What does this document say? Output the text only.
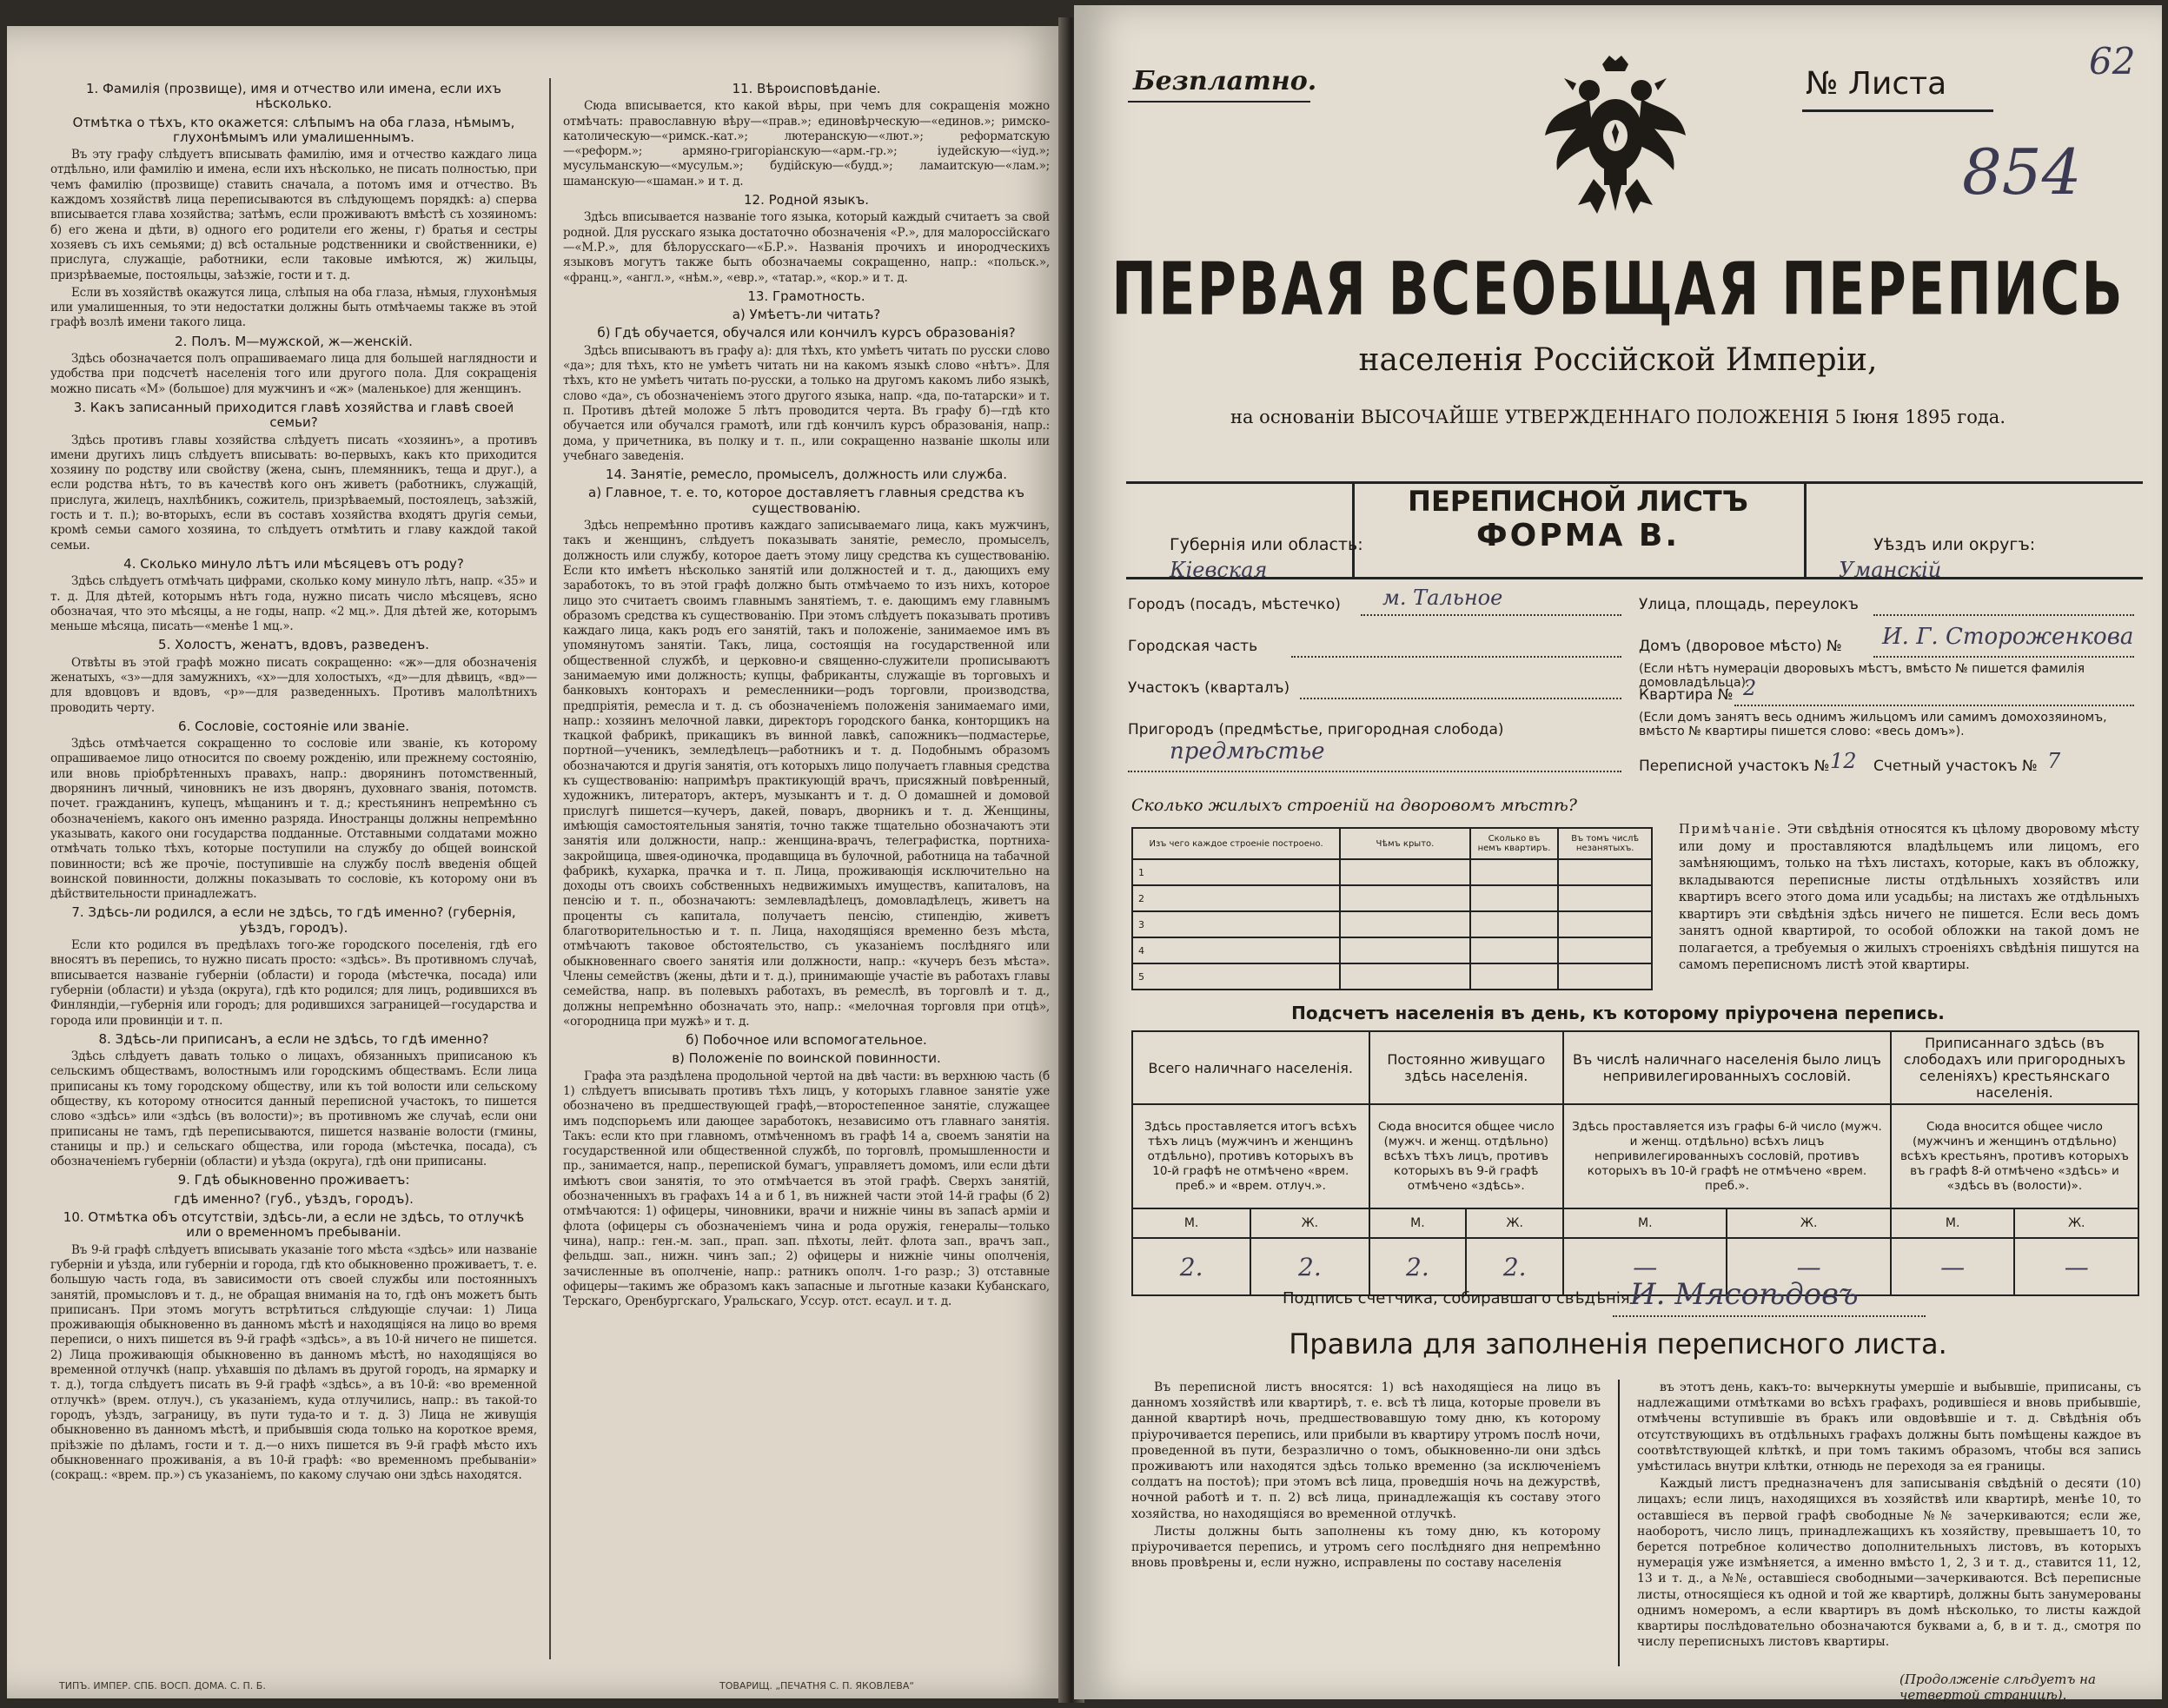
1. Фамилія (прозвище), имя и отчество или имена, если ихъ нѣсколько.
Отмѣтка о тѣхъ, кто окажется: слѣпымъ на оба глаза, нѣмымъ, глухонѣмымъ или умалишеннымъ.

Въ эту графу слѣдуетъ вписывать фамилію, имя и отчество каждаго лица отдѣльно, или фамилію и имена, если ихъ нѣсколько, не писать полностью, при чемъ фамилію (прозвище) ставить сначала, а потомъ имя и отчество. Въ каждомъ хозяйствѣ лица переписываются въ слѣдующемъ порядкѣ: а) сперва вписывается глава хозяйства; затѣмъ, если проживаютъ вмѣстѣ съ хозяиномъ: б) его жена и дѣти, в) одного его родители его жены, г) братья и сестры хозяевъ съ ихъ семьями; д) всѣ остальные родственники и свойственники, е) прислуга, служащіе, работники, если таковые имѣются, ж) жильцы, призрѣваемые, постояльцы, заѣзжіе, гости и т. д.

Если въ хозяйствѣ окажутся лица, слѣпыя на оба глаза, нѣмыя, глухонѣмыя или умалишенныя, то эти недостатки должны быть отмѣчаемы также въ этой графѣ возлѣ имени такого лица.

2. Полъ. М—мужской, ж—женскій.

Здѣсь обозначается полъ опрашиваемаго лица для большей наглядности и удобства при подсчетѣ населенія того или другого пола. Для сокращенія можно писать «М» (большое) для мужчинъ и «ж» (маленькое) для женщинъ.

3. Какъ записанный приходится главѣ хозяйства и главѣ своей семьи?

Здѣсь противъ главы хозяйства слѣдуетъ писать «хозяинъ», а противъ имени другихъ лицъ слѣдуетъ вписывать: во-первыхъ, какъ кто приходится хозяину по родству или свойству (жена, сынъ, племянникъ, теща и друг.), а если родства нѣтъ, то въ качествѣ кого онъ живетъ (работникъ, служащій, прислуга, жилецъ, нахлѣбникъ, сожитель, призрѣваемый, постоялецъ, заѣзжій, гость и т. п.); во-вторыхъ, если въ составъ хозяйства входятъ другія семьи, кромѣ семьи самого хозяина, то слѣдуетъ отмѣтить и главу каждой такой семьи.

4. Сколько минуло лѣтъ или мѣсяцевъ отъ роду?

Здѣсь слѣдуетъ отмѣчать цифрами, сколько кому минуло лѣтъ, напр. «35» и т. д. Для дѣтей, которымъ нѣтъ года, нужно писать число мѣсяцевъ, ясно обозначая, что это мѣсяцы, а не годы, напр. «2 мц.». Для дѣтей же, которымъ меньше мѣсяца, писать—«менѣе 1 мц.».

5. Холостъ, женатъ, вдовъ, разведенъ.

Отвѣты въ этой графѣ можно писать сокращенно: «ж»—для обозначенія женатыхъ, «з»—для замужнихъ, «х»—для холостыхъ, «д»—для дѣвицъ, «вд»—для вдовцовъ и вдовъ, «р»—для разведенныхъ. Противъ малолѣтнихъ проводить черту.

6. Сословіе, состояніе или званіе.

Здѣсь отмѣчается сокращенно то сословіе или званіе, къ которому опрашиваемое лицо относится по своему рожденію, или прежнему состоянію, или вновь пріобрѣтенныхъ правахъ, напр.: дворянинъ потомственный, дворянинъ личный, чиновникъ не изъ дворянъ, духовнаго званія, потомств. почет. гражданинъ, купецъ, мѣщанинъ и т. д.; крестьянинъ непремѣнно съ обозначеніемъ, какого онъ именно разряда. Иностранцы должны непремѣнно указывать, какого они государства подданные. Отставными солдатами можно отмѣчать только тѣхъ, которые поступили на службу до общей воинской повинности; всѣ же прочіе, поступившіе на службу послѣ введенія общей воинской повинности, должны показывать то сословіе, къ которому они въ дѣйствительности принадлежатъ.

7. Здѣсь-ли родился, а если не здѣсь, то гдѣ именно? (губернія, уѣздъ, городъ).

Если кто родился въ предѣлахъ того-же городского поселенія, гдѣ его вносятъ въ перепись, то нужно писать просто: «здѣсь». Въ противномъ случаѣ, вписывается названіе губерніи (области) и города (мѣстечка, посада) или губерніи (области) и уѣзда (округа), гдѣ кто родился; для лицъ, родившихся въ Финляндіи,—губернія или городъ; для родившихся заграницей—государства и города или провинціи и т. п.

8. Здѣсь-ли приписанъ, а если не здѣсь, то гдѣ именно?

Здѣсь слѣдуетъ давать только о лицахъ, обязанныхъ приписаною къ сельскимъ обществамъ, волостнымъ или городскимъ обществамъ. Если лица приписаны къ тому городскому обществу, или къ той волости или сельскому обществу, къ которому относится данный переписной участокъ, то пишется слово «здѣсь» или «здѣсь (въ волости)»; въ противномъ же случаѣ, если они приписаны не тамъ, гдѣ переписываются, пишется названіе волости (гмины, станицы и пр.) и сельскаго общества, или города (мѣстечка, посада), съ обозначеніемъ губерніи (области) и уѣзда (округа), гдѣ они приписаны.

9. Гдѣ обыкновенно проживаетъ:
гдѣ именно? (губ., уѣздъ, городъ).
10. Отмѣтка объ отсутствіи, здѣсь-ли, а если не здѣсь, то отлучкѣ или о временномъ пребываніи.

Въ 9-й графѣ слѣдуетъ вписывать указаніе того мѣста «здѣсь» или названіе губерніи и уѣзда, или губерніи и города, гдѣ кто обыкновенно проживаетъ, т. е. большую часть года, въ зависимости отъ своей службы или постоянныхъ занятій, промысловъ и т. д., не обращая вниманія на то, гдѣ онъ можетъ быть приписанъ. При этомъ могутъ встрѣтиться слѣдующіе случаи: 1) Лица проживающія обыкновенно въ данномъ мѣстѣ и находящіяся на лицо во время переписи, о нихъ пишется въ 9-й графѣ «здѣсь», а въ 10-й ничего не пишется. 2) Лица проживающія обыкновенно въ данномъ мѣстѣ, но находящіяся во временной отлучкѣ (напр. уѣхавшія по дѣламъ въ другой городъ, на ярмарку и т. д.), тогда слѣдуетъ писать въ 9-й графѣ «здѣсь», а въ 10-й: «во временной отлучкѣ» (врем. отлуч.), съ указаніемъ, куда отлучились, напр.: въ такой-то городъ, уѣздъ, заграницу, въ пути туда-то и т. д. 3) Лица не живущія обыкновенно въ данномъ мѣстѣ, и прибывшія сюда только на короткое время, пріѣзжіе по дѣламъ, гости и т. д.—о нихъ пишется въ 9-й графѣ мѣсто ихъ обыкновеннаго проживанія, а въ 10-й графѣ: «во временномъ пребываніи» (сокращ.: «врем. пр.») съ указаніемъ, по какому случаю они здѣсь находятся.

11. Вѣроисповѣданіе.

Сюда вписывается, кто какой вѣры, при чемъ для сокращенія можно отмѣчать: православную вѣру—«прав.»; единовѣрческую—«единов.»; римско-католическую—«римск.-кат.»; лютеранскую—«лют.»; реформатскую—«реформ.»; армяно-григоріанскую—«арм.-гр.»; іудейскую—«іуд.»; мусульманскую—«мусульм.»; будійскую—«будд.»; ламаитскую—«лам.»; шаманскую—«шаман.» и т. д.

12. Родной языкъ.

Здѣсь вписывается названіе того языка, который каждый считаетъ за свой родной. Для русскаго языка достаточно обозначенія «Р.», для малороссійскаго—«М.Р.», для бѣлорусскаго—«Б.Р.». Названія прочихъ и инородческихъ языковъ могутъ также быть обозначаемы сокращенно, напр.: «польск.», «франц.», «англ.», «нѣм.», «евр.», «татар.», «кор.» и т. д.

13. Грамотность.
а) Умѣетъ-ли читать?
б) Гдѣ обучается, обучался или кончилъ курсъ образованія?

Здѣсь вписываютъ въ графу а): для тѣхъ, кто умѣетъ читать по русски слово «да»; для тѣхъ, кто не умѣетъ читать ни на какомъ языкѣ слово «нѣтъ». Для тѣхъ, кто не умѣетъ читать по-русски, а только на другомъ какомъ либо языкѣ, слово «да», съ обозначеніемъ этого другого языка, напр. «да, по-татарски» и т. п. Противъ дѣтей моложе 5 лѣтъ проводится черта. Въ графу б)—гдѣ кто обучается или обучался грамотѣ, или гдѣ кончилъ курсъ образованія, напр.: дома, у причетника, въ полку и т. п., или сокращенно названіе школы или учебнаго заведенія.

14. Занятіе, ремесло, промыселъ, должность или служба.
а) Главное, т. е. то, которое доставляетъ главныя средства къ существованію.

Здѣсь непремѣнно противъ каждаго записываемаго лица, какъ мужчинъ, такъ и женщинъ, слѣдуетъ показывать занятіе, ремесло, промыселъ, должность или службу, которое даетъ этому лицу средства къ существованію. Если кто имѣетъ нѣсколько занятій или должностей и т. д., дающихъ ему заработокъ, то въ этой графѣ должно быть отмѣчаемо то изъ нихъ, которое лицо это считаетъ своимъ главнымъ занятіемъ, т. е. дающимъ ему главнымъ образомъ средства къ существованію. При этомъ слѣдуетъ показывать противъ каждаго лица, какъ родъ его занятій, такъ и положеніе, занимаемое имъ въ упомянутомъ занятіи. Такъ, лица, состоящія на государственной или общественной службѣ, и церковно-и священно-служители прописываютъ занимаемую ими должность; купцы, фабриканты, служащіе въ торговыхъ и банковыхъ конторахъ и ремесленники—родъ торговли, производства, предпріятія, ремесла и т. д. съ обозначеніемъ положенія занимаемаго ими, напр.: хозяинъ мелочной лавки, директоръ городского банка, конторщикъ на ткацкой фабрикѣ, прикащикъ въ винной лавкѣ, сапожникъ—подмастерье, портной—ученикъ, земледѣлецъ—работникъ и т. д. Подобнымъ образомъ обозначаются и другія занятія, отъ которыхъ лицо получаетъ главныя средства къ существованію: напримѣръ практикующій врачъ, присяжный повѣренный, художникъ, литераторъ, актеръ, музыкантъ и т. д. О домашней и домовой прислугѣ пишется—кучеръ, дакей, поваръ, дворникъ и т. д. Женщины, имѣющія самостоятельныя занятія, точно также тщательно обозначаютъ эти занятія или должности, напр.: женщина-врачъ, телеграфистка, портниха-закройщица, швея-одиночка, продавщица въ булочной, работница на табачной фабрикѣ, кухарка, прачка и т. п. Лица, проживающія исключительно на доходы отъ своихъ собственныхъ недвижимыхъ имуществъ, капиталовъ, на пенсію и т. п., обозначаютъ: землевладѣлецъ, домовладѣлецъ, живетъ на проценты съ капитала, получаетъ пенсію, стипендію, живетъ благотворительностью и т. п. Лица, находящіяся временно безъ мѣста, отмѣчаютъ таковое обстоятельство, съ указаніемъ послѣдняго или обыкновеннаго своего занятія или должности, напр.: «кучеръ безъ мѣста». Члены семействъ (жены, дѣти и т. д.), принимающіе участіе въ работахъ главы семейства, напр. въ полевыхъ работахъ, въ ремеслѣ, въ торговлѣ и т. д., должны непремѣнно обозначать это, напр.: «мелочная торговля при отцѣ», «огородница при мужѣ» и т. д.

б) Побочное или вспомогательное.
в) Положеніе по воинской повинности.

Графа эта раздѣлена продольной чертой на двѣ части: въ верхнюю часть (б 1) слѣдуетъ вписывать противъ тѣхъ лицъ, у которыхъ главное занятіе уже обозначено въ предшествующей графѣ,—второстепенное занятіе, служащее имъ подспорьемъ или дающее заработокъ, независимо отъ главнаго занятія. Такъ: если кто при главномъ, отмѣченномъ въ графѣ 14 а, своемъ занятіи на государственной или общественной службѣ, по торговлѣ, промышленности и пр., занимается, напр., перепиской бумагъ, управляетъ домомъ, или если дѣти имѣютъ свои занятія, то это отмѣчается въ этой графѣ. Сверхъ занятій, обозначенныхъ въ графахъ 14 а и б 1, въ нижней части этой 14-й графы (б 2) отмѣчаются: 1) офицеры, чиновники, врачи и нижніе чины въ запасѣ арміи и флота (офицеры съ обозначеніемъ чина и рода оружія, генералы—только чина), напр.: ген.-м. зап., прап. зап. пѣхоты, лейт. флота зап., врачъ зап., фельдш. зап., нижн. чинъ зап.; 2) офицеры и нижніе чины ополченія, зачисленные въ ополченіе, напр.: ратникъ ополч. 1-го разр.; 3) отставные офицеры—такимъ же образомъ какъ запасные и льготные казаки Кубанскаго, Терскаго, Оренбургскаго, Уральскаго, Уссур. отст. есаул. и т. д.

ТИПЪ. ИМПЕР. СПБ. ВОСП. ДОМА. С. П. Б.	ТОВАРИЩ. „ПЕЧАТНЯ С. П. ЯКОВЛЕВА“
Безплатно.	№ Листа
62
854
ПЕРВАЯ ВСЕОБЩАЯ ПЕРЕПИСЬ
населенія Россійской Имперіи,
на основаніи ВЫСОЧАЙШЕ УТВЕРЖДЕННАГО ПОЛОЖЕНІЯ 5 Іюня 1895 года.
Губернія или область:
Кіевская
ПЕРЕПИСНОЙ ЛИСТЪ
ФОРМА В.	Уѣздъ или округъ:
Уманскій
Городъ (посадъ, мѣстечко) м. Тальное	Улица, площадь, переулокъ
Городская часть	Домъ (дворовое мѣсто) № И. Г. Стороженкова
(Если нѣтъ нумераціи дворовыхъ мѣстъ, вмѣсто № пишется фамилія домовладѣльца).
Участокъ (кварталъ)	Квартира № 2
Пригородъ (предмѣстье, пригородная слобода)
предмѣстье
(Если домъ занятъ весь однимъ жильцомъ или самимъ домохозяиномъ, вмѣсто № квартиры пишется слово: «весь домъ»).
Переписной участокъ № 12 Счетный участокъ № 7
Сколько жилыхъ строеній на дворовомъ мѣстѣ?
Изъ чего каждое строеніе построено.	Чѣмъ крыто.	Сколько въ немъ квартиръ.	Въ томъ числѣ незанятыхъ.
1			
2			
3			
4			
5			
Примѣчаніе. Эти свѣдѣнія относятся къ цѣлому дворовому мѣсту или дому и проставляются владѣльцемъ или лицомъ, его замѣняющимъ, только на тѣхъ листахъ, которые, какъ въ обложку, вкладываются переписные листы отдѣльныхъ хозяйствъ или квартиръ всего этого дома или усадьбы; на листахъ же отдѣльныхъ квартиръ эти свѣдѣнія здѣсь ничего не пишется. Если весь домъ занятъ одной квартирой, то особой обложки на такой домъ не полагается, а требуемыя о жилыхъ строеніяхъ свѣдѣнія пишутся на самомъ переписномъ листѣ этой квартиры.
Подсчетъ населенія въ день, къ которому пріурочена перепись.
Всего наличнаго населенія.		Постоянно живущаго здѣсь населенія.		Въ числѣ наличнаго населенія было лицъ непривилегированныхъ сословій.		Приписаннаго здѣсь (въ слободахъ или пригородныхъ селеніяхъ) крестьянскаго населенія.	
Здѣсь проставляется итогъ всѣхъ тѣхъ лицъ (мужчинъ и женщинъ отдѣльно), противъ которыхъ въ 10-й графѣ не отмѣчено «врем. преб.» и «врем. отлуч.».		Сюда вносится общее число (мужч. и женщ. отдѣльно) всѣхъ тѣхъ лицъ, противъ которыхъ въ 9-й графѣ отмѣчено «здѣсь».		Здѣсь проставляется изъ графы 6-й число (мужч. и женщ. отдѣльно) всѣхъ лицъ непривилегированныхъ сословій, противъ которыхъ въ 10-й графѣ не отмѣчено «врем. преб.».		Сюда вносится общее число (мужчинъ и женщинъ отдѣльно) всѣхъ крестьянъ, противъ которыхъ въ графѣ 8-й отмѣчено «здѣсь» и «здѣсь въ (волости)».	
М.	Ж.	М.	Ж.	М.	Ж.	М.	Ж.
2.	2.	2.	2.	—	—	—	—
Подпись счетчика, собиравшаго свѣдѣнія И. Мясоѣдовъ
Правила для заполненія переписного листа.

Въ переписной листъ вносятся: 1) всѣ находящіеся на лицо въ данномъ хозяйствѣ или квартирѣ, т. е. всѣ тѣ лица, которые провели въ данной квартирѣ ночь, предшествовавшую тому дню, къ которому пріурочивается перепись, или прибыли въ квартиру утромъ послѣ ночи, проведенной въ пути, безразлично о томъ, обыкновенно-ли они здѣсь проживаютъ или находятся здѣсь только временно (за исключеніемъ солдатъ на постоѣ); при этомъ всѣ лица, проведшія ночь на дежурствѣ, ночной работѣ и т. п. 2) всѣ лица, принадлежащія къ составу этого хозяйства, но находящіяся во временной отлучкѣ.

Листы должны быть заполнены къ тому дню, къ которому пріурочивается перепись, и утромъ сего послѣдняго дня непремѣнно вновь провѣрены и, если нужно, исправлены по составу населенія

въ этотъ день, какъ-то: вычеркнуты умершіе и выбывшіе, приписаны, съ надлежащими отмѣтками во всѣхъ графахъ, родившіеся и вновь прибывшіе, отмѣчены вступившіе въ бракъ или овдовѣвшіе и т. д. Свѣдѣнія объ отсутствующихъ въ отдѣльныхъ графахъ должны быть помѣщены каждое въ соотвѣтствующей клѣткѣ, и при томъ такимъ образомъ, чтобы вся запись умѣстилась внутри клѣтки, отнюдь не переходя за ея границы.

Каждый листъ предназначенъ для записыванія свѣдѣній о десяти (10) лицахъ; если лицъ, находящихся въ хозяйствѣ или квартирѣ, менѣе 10, то оставшіеся въ первой графѣ свободные №№ зачеркиваются; если же, наоборотъ, число лицъ, принадлежащихъ къ хозяйству, превышаетъ 10, то берется потребное количество дополнительныхъ листовъ, въ которыхъ нумерація уже измѣняется, а именно вмѣсто 1, 2, 3 и т. д., ставится 11, 12, 13 и т. д., а №№, оставшіеся свободными—зачеркиваются. Всѣ переписные листы, относящіеся къ одной и той же квартирѣ, должны быть занумерованы однимъ номеромъ, а если квартиръ въ домѣ нѣсколько, то листы каждой квартиры послѣдовательно обозначаются буквами а, б, в и т. д., смотря по числу переписныхъ листовъ квартиры.

(Продолженіе слѣдуетъ на четвертой страницѣ).
